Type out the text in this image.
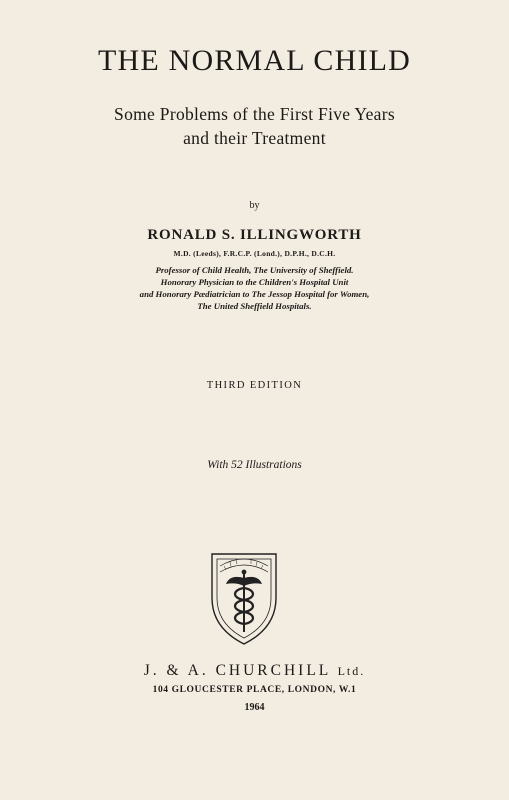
THE NORMAL CHILD
Some Problems of the First Five Years
and their Treatment
by
RONALD S. ILLINGWORTH
M.D. (Leeds), F.R.C.P. (Lond.), D.P.H., D.C.H.
Professor of Child Health, The University of Sheffield.
Honorary Physician to the Children's Hospital Unit
and Honorary Pædiatrician to The Jessop Hospital for Women,
The United Sheffield Hospitals.
THIRD EDITION
With 52 Illustrations
J. & A. CHURCHILL Ltd.
104 GLOUCESTER PLACE, LONDON, W.1
1964
